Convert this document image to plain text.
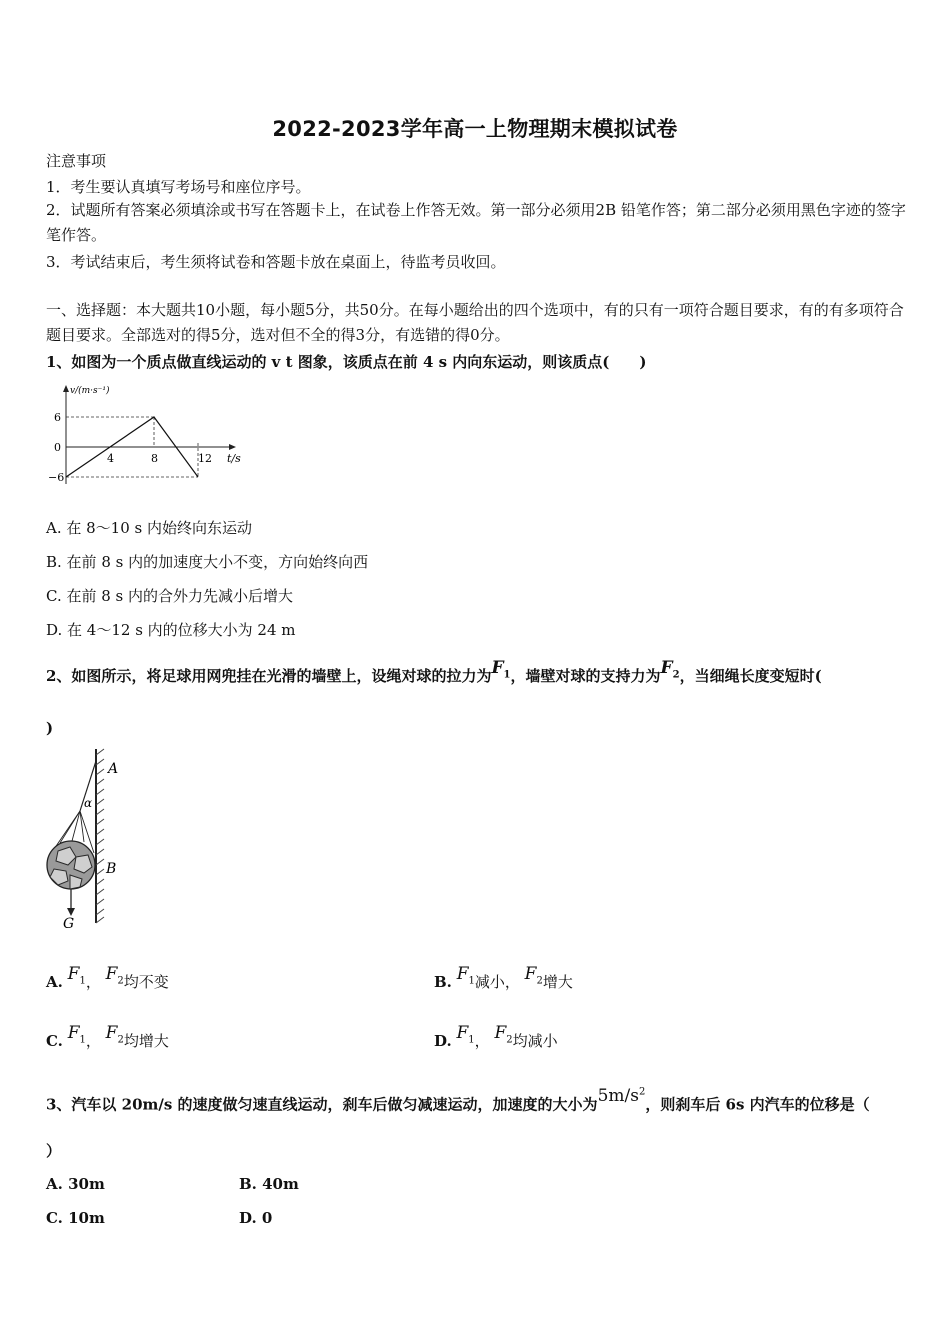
2022-2023学年高一上物理期末模拟试卷
注意事项
1．考生要认真填写考场号和座位序号。
2．试题所有答案必须填涂或书写在答题卡上，在试卷上作答无效。第一部分必须用2B 铅笔作答；第二部分必须用黑色字迹的签字笔作答。
3．考试结束后，考生须将试卷和答题卡放在桌面上，待监考员收回。
一、选择题：本大题共10小题，每小题5分，共50分。在每小题给出的四个选项中，有的只有一项符合题目要求，有的有多项符合题目要求。全部选对的得5分，选对但不全的得3分，有选错的得0分。
1、如图为一个质点做直线运动的 v t 图象，该质点在前 4 s 内向东运动，则该质点(　　)
6
0
−6
4	8	12
v/(m·s⁻¹)
t/s
A. 在 8～10 s 内始终向东运动
B. 在前 8 s 内的加速度大小不变，方向始终向西
C. 在前 8 s 内的合外力先减小后增大
D. 在 4～12 s 内的位移大小为 24 m
2、如图所示，将足球用网兜挂在光滑的墙壁上，设绳对球的拉力为$F_1$，墙壁对球的支持力为$F_2$，当细绳长度变短时(
)
A
B
G
α
A. $F_1$， $F_2$均不变	B. $F_1$减小， $F_2$增大
C. $F_1$， $F_2$均增大	D. $F_1$， $F_2$均减小
3、汽车以 20m/s 的速度做匀速直线运动，刹车后做匀减速运动，加速度的大小为$5m/s^2$，则刹车后 6s 内汽车的位移是（
）
A. 30m	B. 40m
C. 10m	D. 0
